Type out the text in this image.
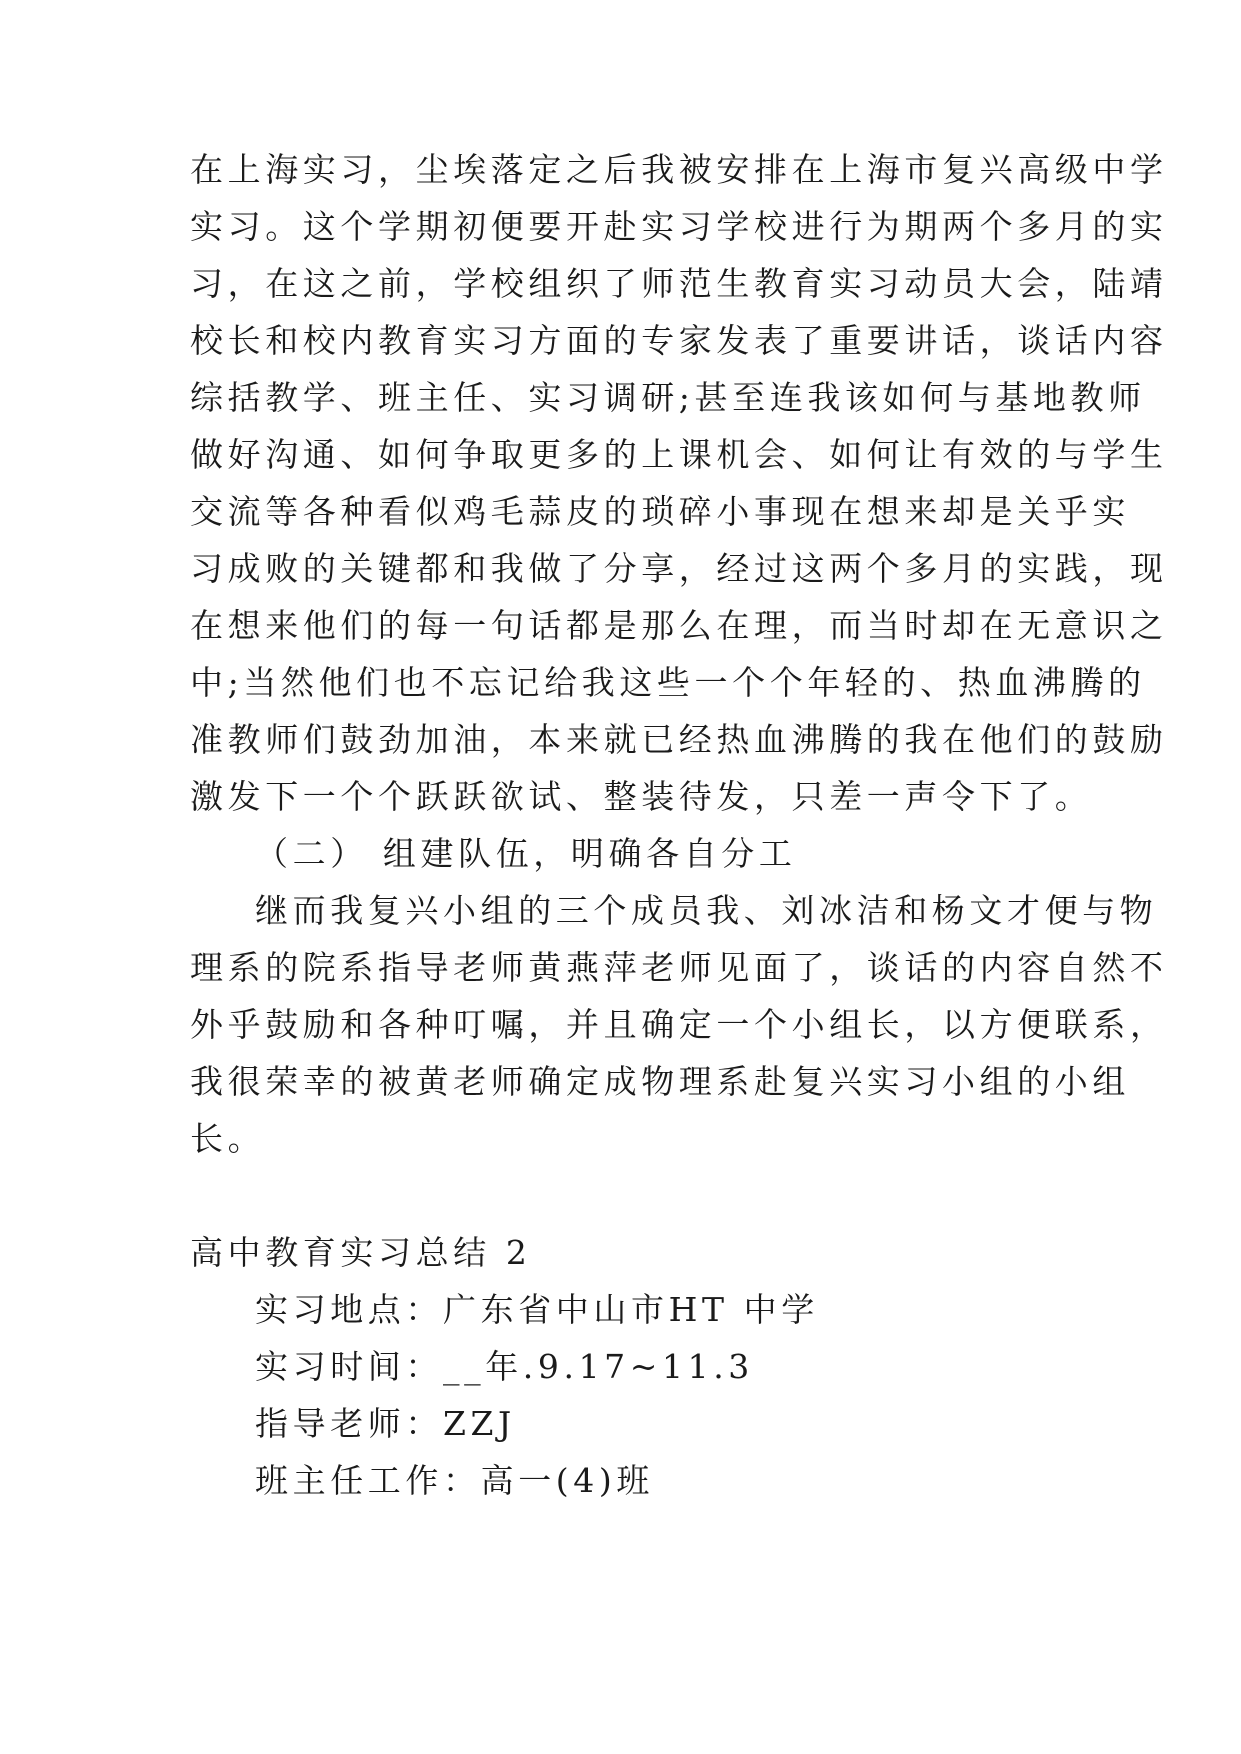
在上海实习，尘埃落定之后我被安排在上海市复兴高级中学
实习。这个学期初便要开赴实习学校进行为期两个多月的实
习，在这之前，学校组织了师范生教育实习动员大会，陆靖
校长和校内教育实习方面的专家发表了重要讲话，谈话内容
综括教学、班主任、实习调研;甚至连我该如何与基地教师
做好沟通、如何争取更多的上课机会、如何让有效的与学生
交流等各种看似鸡毛蒜皮的琐碎小事现在想来却是关乎实
习成败的关键都和我做了分享，经过这两个多月的实践，现
在想来他们的每一句话都是那么在理，而当时却在无意识之
中;当然他们也不忘记给我这些一个个年轻的、热血沸腾的
准教师们鼓劲加油，本来就已经热血沸腾的我在他们的鼓励
激发下一个个跃跃欲试、整装待发，只差一声令下了。
（二） 组建队伍，明确各自分工
继而我复兴小组的三个成员我、刘冰洁和杨文才便与物
理系的院系指导老师黄燕萍老师见面了，谈话的内容自然不
外乎鼓励和各种叮嘱，并且确定一个小组长，以方便联系，
我很荣幸的被黄老师确定成物理系赴复兴实习小组的小组
长。
高中教育实习总结 2
实习地点：广东省中山市HT 中学
实习时间：__年.9.17~11.3
指导老师：ZZJ
班主任工作：高一(4)班
